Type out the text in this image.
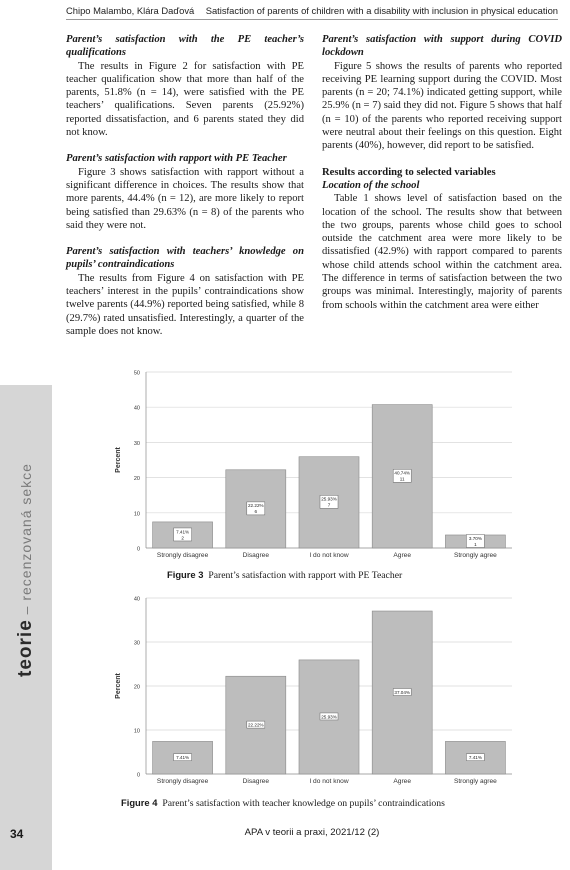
Chipo Malambo, Klára Daďová Satisfaction of parents of children with a disability with inclusion in physical education
Parent’s satisfaction with the PE teacher’s qualifications

The results in Figure 2 for satisfaction with PE teacher qualification show that more than half of the parents, 51.8% (n = 14), were satisfied with the PE teachers’ qualifications. Seven parents (25.92%) reported dissatisfaction, and 6 parents stated they did not know.

Parent’s satisfaction with rapport with PE Teacher

Figure 3 shows satisfaction with rapport without a significant difference in choices. The results show that more parents, 44.4% (n = 12), are more likely to report being satisfied than 29.63% (n = 8) of the parents who said they were not.

Parent’s satisfaction with teachers’ knowledge on pupils’ contraindications

The results from Figure 4 on satisfaction with PE teachers’ interest in the pupils’ contraindications show twelve parents (44.9%) reported being satisfied, while 8 (29.7%) rated unsatisfied. Interestingly, a quarter of the sample does not know.

Parent’s satisfaction with support during COVID lockdown

Figure 5 shows the results of parents who reported receiving PE learning support during the COVID. Most parents (n = 20; 74.1%) indicated getting support, while 25.9% (n = 7) said they did not. Figure 5 shows that half (n = 10) of the parents who reported receiving support were neutral about their feelings on this question. Eight parents (40%), however, did report to be satisfied.

Results according to selected variables
Location of the school

Table 1 shows level of satisfaction based on the location of the school. The results show that between the two groups, parents whose child goes to school outside the catchment area were more likely to be dissatisfied (42.9%) with rapport compared to parents whose child attends school within the catchment area. The difference in terms of satisfaction between the two groups was minimal. Interestingly, majority of parents from schools within the catchment area were either

0
10
20
30
40
50
Percent
Strongly disagree
7.41%
2
Disagree
22.22%
6
I do not know
25.93%
7
Agree
40.74%
11
Strongly agree
3.70%
1
Figure 3 Parent’s satisfaction with rapport with PE Teacher
0
10
20
30
40
Percent
Strongly disagree
7.41%
Disagree
22.22%
I do not know
25.93%
Agree
37.04%
Strongly agree
7.41%
Figure 4 Parent’s satisfaction with teacher knowledge on pupils’ contraindications
teorie – recenzovaná sekce
34	APA v teorii a praxi, 2021/12 (2)
